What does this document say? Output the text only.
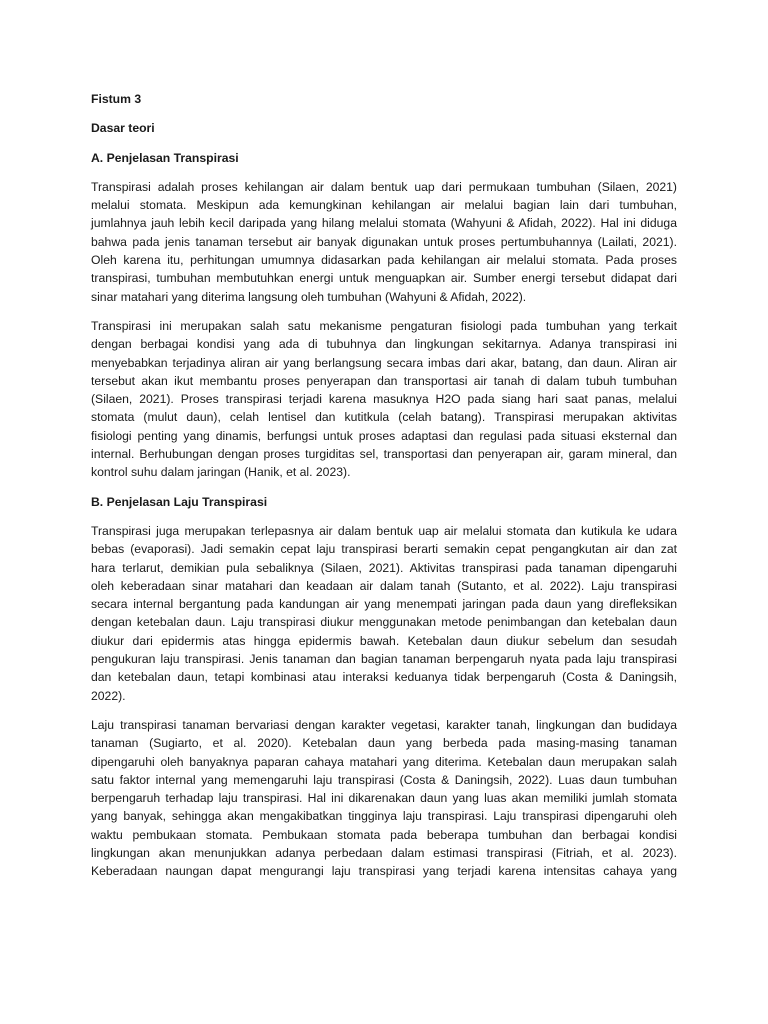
Fistum 3
Dasar teori
A. Penjelasan Transpirasi
Transpirasi adalah proses kehilangan air dalam bentuk uap dari permukaan tumbuhan (Silaen, 2021)
melalui stomata. Meskipun ada kemungkinan kehilangan air melalui bagian lain dari tumbuhan,
jumlahnya jauh lebih kecil daripada yang hilang melalui stomata (Wahyuni & Afidah, 2022). Hal ini diduga
bahwa pada jenis tanaman tersebut air banyak digunakan untuk proses pertumbuhannya (Lailati, 2021).
Oleh karena itu, perhitungan umumnya didasarkan pada kehilangan air melalui stomata. Pada proses
transpirasi, tumbuhan membutuhkan energi untuk menguapkan air. Sumber energi tersebut didapat dari
sinar matahari yang diterima langsung oleh tumbuhan (Wahyuni & Afidah, 2022).
Transpirasi ini merupakan salah satu mekanisme pengaturan fisiologi pada tumbuhan yang terkait
dengan berbagai kondisi yang ada di tubuhnya dan lingkungan sekitarnya. Adanya transpirasi ini
menyebabkan terjadinya aliran air yang berlangsung secara imbas dari akar, batang, dan daun. Aliran air
tersebut akan ikut membantu proses penyerapan dan transportasi air tanah di dalam tubuh tumbuhan
(Silaen, 2021). Proses transpirasi terjadi karena masuknya H2O pada siang hari saat panas, melalui
stomata (mulut daun), celah lentisel dan kutitkula (celah batang). Transpirasi merupakan aktivitas
fisiologi penting yang dinamis, berfungsi untuk proses adaptasi dan regulasi pada situasi eksternal dan
internal. Berhubungan dengan proses turgiditas sel, transportasi dan penyerapan air, garam mineral, dan
kontrol suhu dalam jaringan (Hanik, et al. 2023).
B. Penjelasan Laju Transpirasi
Transpirasi juga merupakan terlepasnya air dalam bentuk uap air melalui stomata dan kutikula ke udara
bebas (evaporasi). Jadi semakin cepat laju transpirasi berarti semakin cepat pengangkutan air dan zat
hara terlarut, demikian pula sebaliknya (Silaen, 2021). Aktivitas transpirasi pada tanaman dipengaruhi
oleh keberadaan sinar matahari dan keadaan air dalam tanah (Sutanto, et al. 2022). Laju transpirasi
secara internal bergantung pada kandungan air yang menempati jaringan pada daun yang direfleksikan
dengan ketebalan daun. Laju transpirasi diukur menggunakan metode penimbangan dan ketebalan daun
diukur dari epidermis atas hingga epidermis bawah. Ketebalan daun diukur sebelum dan sesudah
pengukuran laju transpirasi. Jenis tanaman dan bagian tanaman berpengaruh nyata pada laju transpirasi
dan ketebalan daun, tetapi kombinasi atau interaksi keduanya tidak berpengaruh (Costa & Daningsih,
2022).
Laju transpirasi tanaman bervariasi dengan karakter vegetasi, karakter tanah, lingkungan dan budidaya
tanaman (Sugiarto, et al. 2020). Ketebalan daun yang berbeda pada masing-masing tanaman
dipengaruhi oleh banyaknya paparan cahaya matahari yang diterima. Ketebalan daun merupakan salah
satu faktor internal yang memengaruhi laju transpirasi (Costa & Daningsih, 2022). Luas daun tumbuhan
berpengaruh terhadap laju transpirasi. Hal ini dikarenakan daun yang luas akan memiliki jumlah stomata
yang banyak, sehingga akan mengakibatkan tingginya laju transpirasi. Laju transpirasi dipengaruhi oleh
waktu pembukaan stomata. Pembukaan stomata pada beberapa tumbuhan dan berbagai kondisi
lingkungan akan menunjukkan adanya perbedaan dalam estimasi transpirasi (Fitriah, et al. 2023).
Keberadaan naungan dapat mengurangi laju transpirasi yang terjadi karena intensitas cahaya yang
